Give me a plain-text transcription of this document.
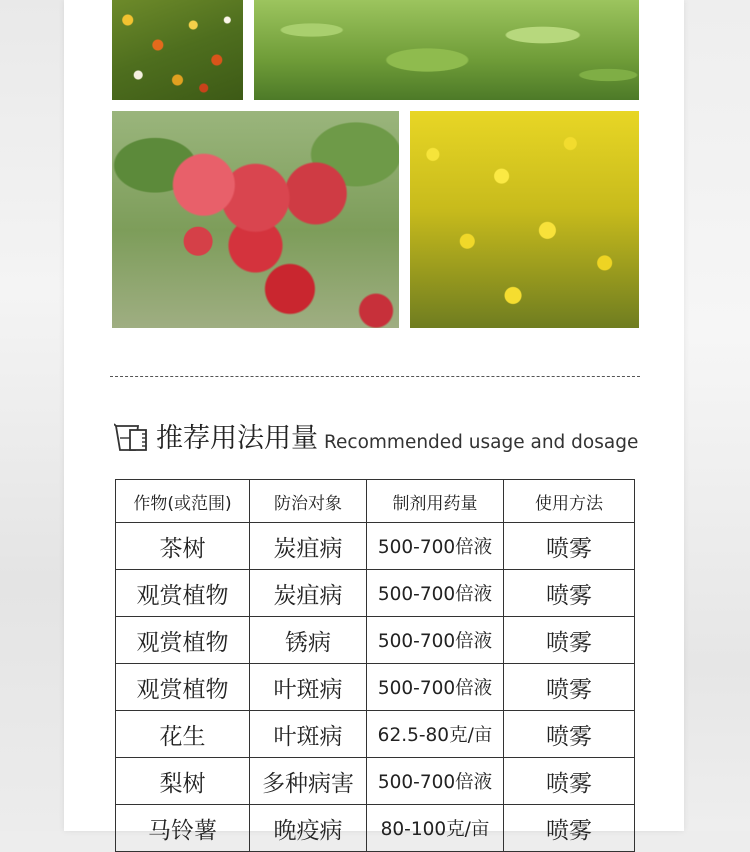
推荐用法用量 Recommended usage and dosage
作物(或范围)	防治对象	制剂用药量	使用方法
茶树	炭疽病	500-700倍液	喷雾
观赏植物	炭疽病	500-700倍液	喷雾
观赏植物	锈病	500-700倍液	喷雾
观赏植物	叶斑病	500-700倍液	喷雾
花生	叶斑病	62.5-80克/亩	喷雾
梨树	多种病害	500-700倍液	喷雾
马铃薯	晚疫病	80-100克/亩	喷雾
